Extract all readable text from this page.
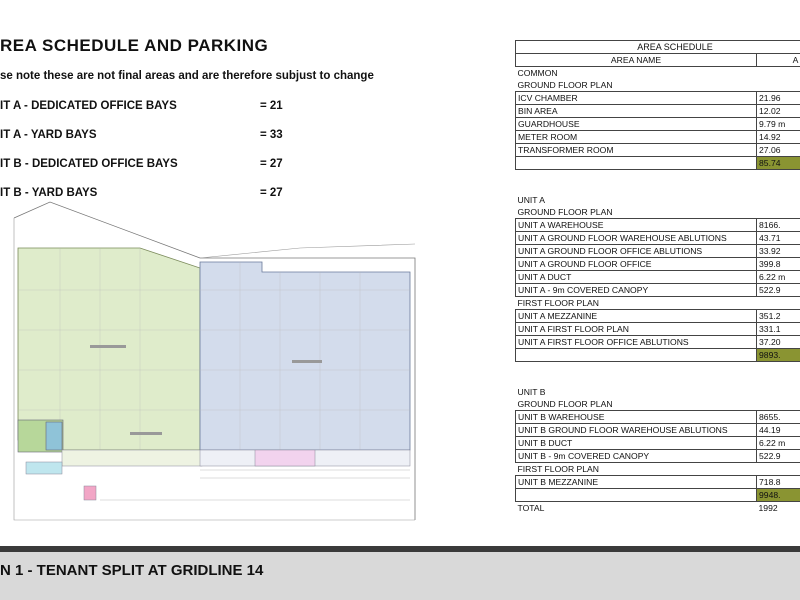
REA SCHEDULE AND PARKING
se note these are not final areas and are therefore subjust to change
IT A - DEDICATED OFFICE BAYS	= 21
IT A - YARD BAYS	= 33
IT B - DEDICATED OFFICE BAYS	= 27
IT B - YARD BAYS	= 27
AREA SCHEDULE	
AREA NAME	A
COMMON	
GROUND FLOOR PLAN	
ICV CHAMBER	21.96
BIN AREA	12.02
GUARDHOUSE	9.79 m
METER ROOM	14.92
TRANSFORMER ROOM	27.06
	85.74

UNIT A	
GROUND FLOOR PLAN	
UNIT A WAREHOUSE	8166.
UNIT A GROUND FLOOR WAREHOUSE ABLUTIONS	43.71
UNIT A GROUND FLOOR OFFICE ABLUTIONS	33.92
UNIT A GROUND FLOOR OFFICE	399.8
UNIT A DUCT	6.22 m
UNIT A - 9m COVERED CANOPY	522.9
FIRST FLOOR PLAN	
UNIT A MEZZANINE	351.2
UNIT A FIRST FLOOR PLAN	331.1
UNIT A FIRST FLOOR OFFICE ABLUTIONS	37.20
	9893.

UNIT B	
GROUND FLOOR PLAN	
UNIT B WAREHOUSE	8655.
UNIT B GROUND FLOOR WAREHOUSE ABLUTIONS	44.19
UNIT B DUCT	6.22 m
UNIT B - 9m COVERED CANOPY	522.9
FIRST FLOOR PLAN	
UNIT B MEZZANINE	718.8
	9948.
TOTAL	1992
N 1 - TENANT SPLIT AT GRIDLINE 14
